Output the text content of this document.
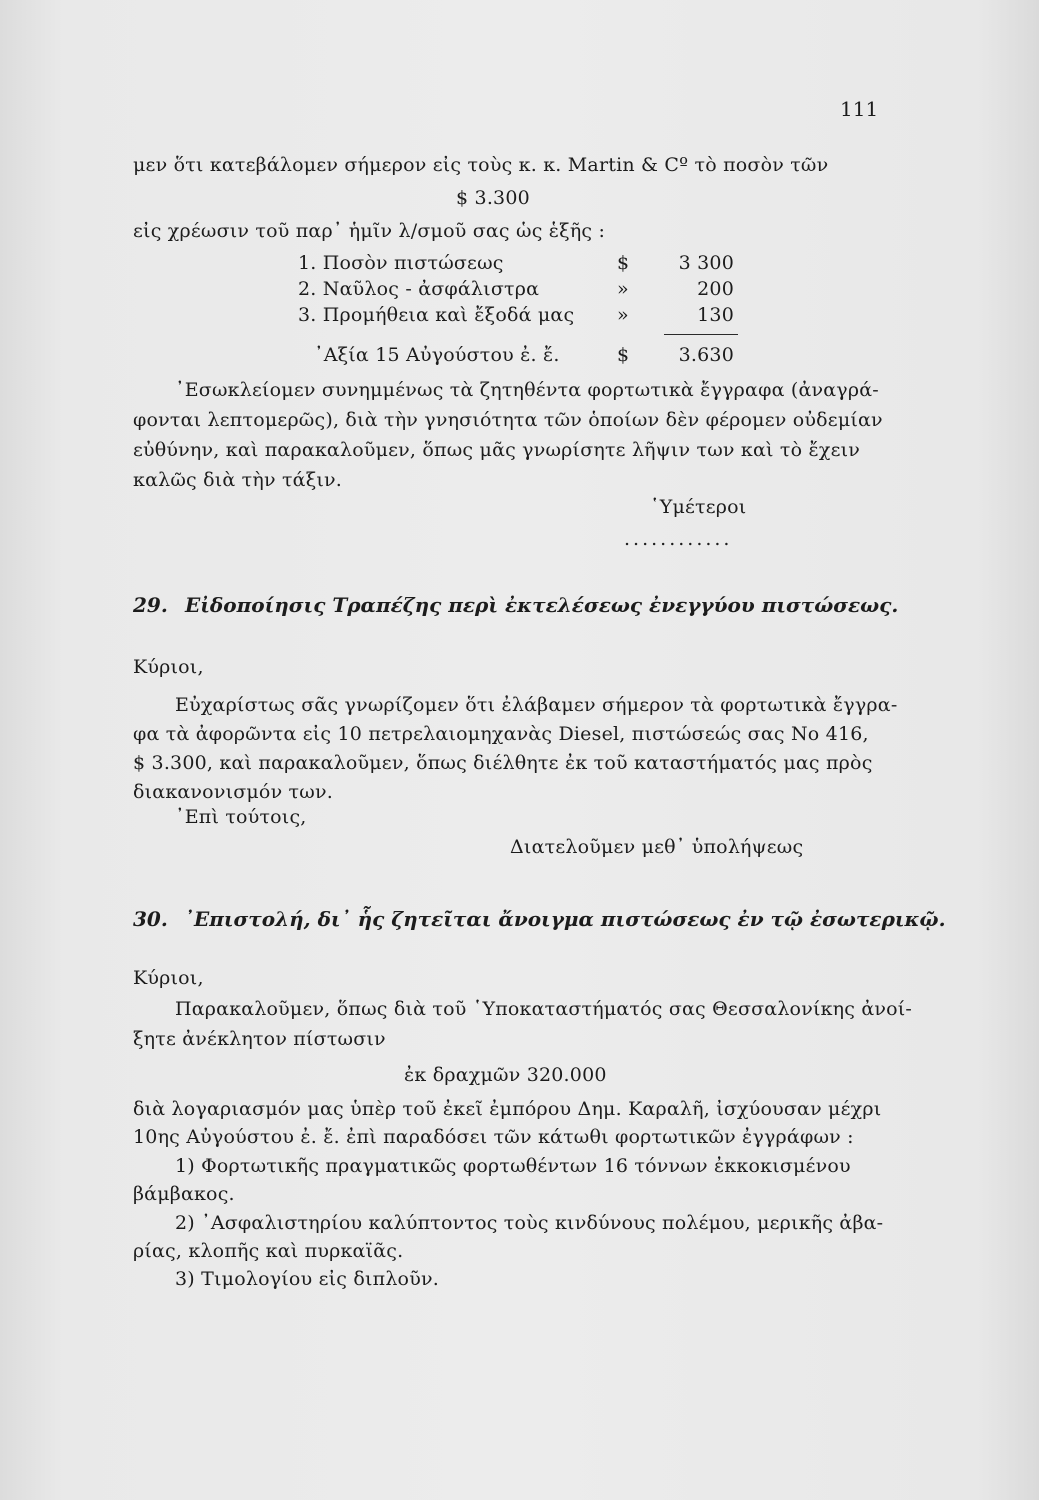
111
μεν ὅτι κατεβάλομεν σήμερον εἰς τοὺς κ. κ. Martin & Cº τὸ ποσὸν τῶν
$ 3.300
εἰς χρέωσιν τοῦ παρ᾿ ἡμῖν λ/σμοῦ σας ὡς ἑξῆς :
1. Ποσὸν πιστώσεως	$	3 300
2. Ναῦλος - ἀσφάλιστρα	»	200
3. Προμήθεια καὶ ἔξοδά μας »	130
᾿Αξία 15 Αὐγούστου ἐ. ἔ.	$	3.630
᾿Εσωκλείομεν συνημμένως τὰ ζητηθέντα φορτωτικὰ ἔγγραφα (ἀναγρά-
φονται λεπτομερῶς), διὰ τὴν γνησιότητα τῶν ὁποίων δὲν φέρομεν οὐδεμίαν
εὐθύνην, καὶ παρακαλοῦμεν, ὅπως μᾶς γνωρίσητε λῆψιν των καὶ τὸ ἔχειν
καλῶς διὰ τὴν τάξιν.
῾Υμέτεροι
............
29. Εἰδοποίησις Τραπέζης περὶ ἐκτελέσεως ἐνεγγύου πιστώσεως.
Κύριοι,
Εὐχαρίστως σᾶς γνωρίζομεν ὅτι ἐλάβαμεν σήμερον τὰ φορτωτικὰ ἔγγρα-
φα τὰ ἀφορῶντα εἰς 10 πετρελαιομηχανὰς Diesel, πιστώσεώς σας Νο 416,
$ 3.300, καὶ παρακαλοῦμεν, ὅπως διέλθητε ἐκ τοῦ καταστήματός μας πρὸς
διακανονισμόν των.
᾿Επὶ τούτοις,
Διατελοῦμεν μεθ᾿ ὑπολήψεως
30. ᾿Επιστολή, δι᾿ ἧς ζητεῖται ἄνοιγμα πιστώσεως ἐν τῷ ἐσωτερικῷ.
Κύριοι,
Παρακαλοῦμεν, ὅπως διὰ τοῦ ῾Υποκαταστήματός σας Θεσσαλονίκης ἀνοί-
ξητε ἀνέκλητον πίστωσιν
ἐκ δραχμῶν 320.000
διὰ λογαριασμόν μας ὑπὲρ τοῦ ἐκεῖ ἐμπόρου Δημ. Καραλῆ, ἰσχύουσαν μέχρι
10ης Αὐγούστου ἐ. ἔ. ἐπὶ παραδόσει τῶν κάτωθι φορτωτικῶν ἐγγράφων :
1) Φορτωτικῆς πραγματικῶς φορτωθέντων 16 τόννων ἐκκοκισμένου
βάμβακος.
2) ᾿Ασφαλιστηρίου καλύπτοντος τοὺς κινδύνους πολέμου, μερικῆς ἀβα-
ρίας, κλοπῆς καὶ πυρκαϊᾶς.
3) Τιμολογίου εἰς διπλοῦν.
